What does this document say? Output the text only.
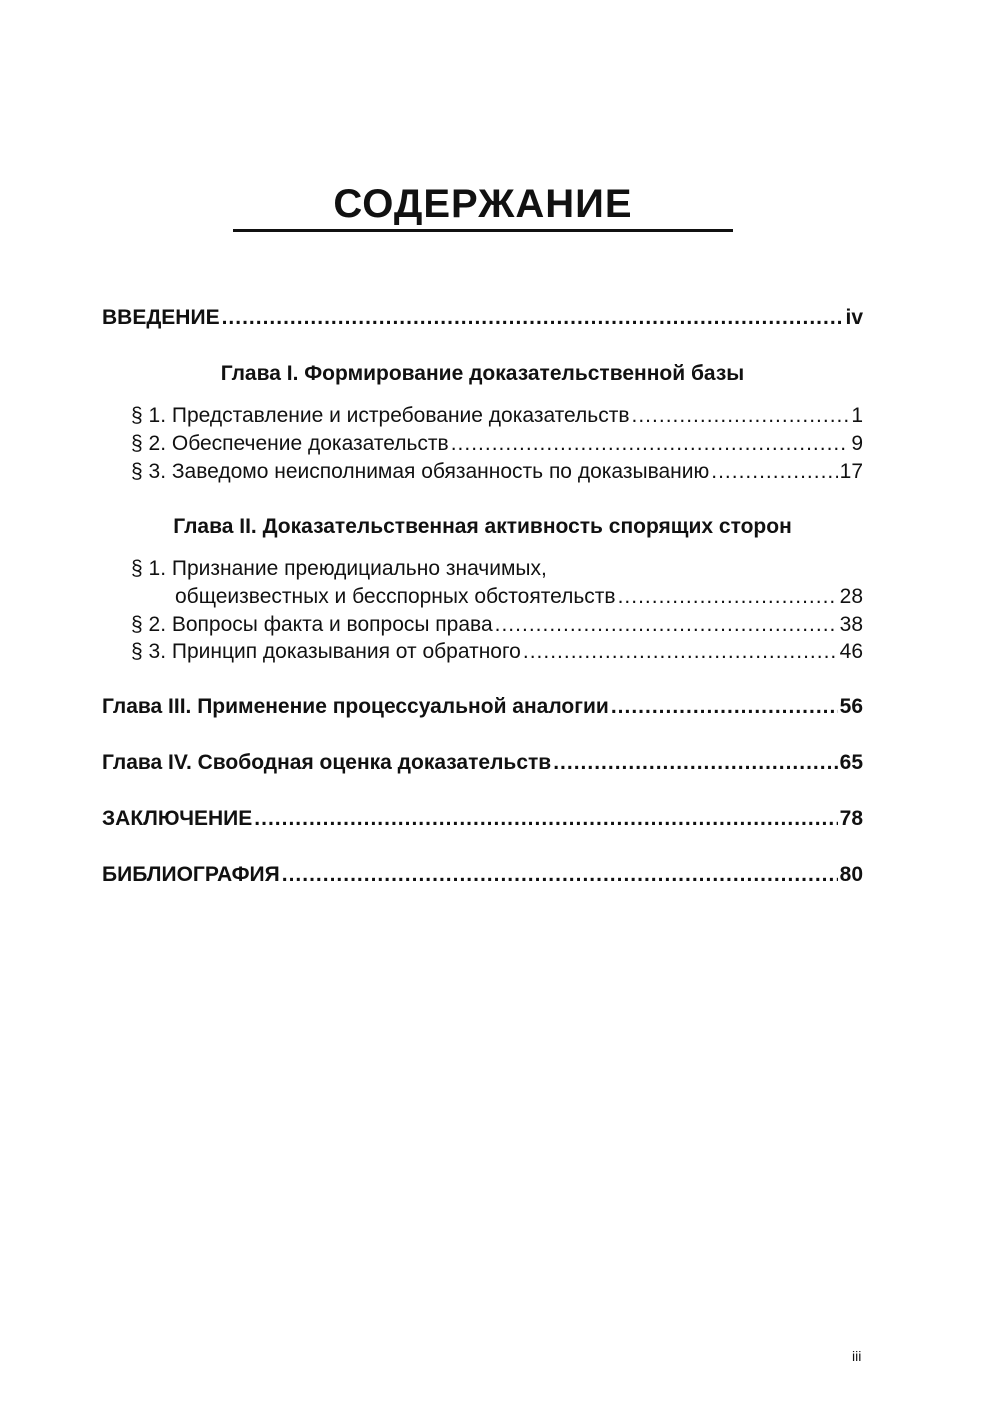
СОДЕРЖАНИЕ
ВВЕДЕНИЕ .....	iv
Глава I. Формирование доказательственной базы
§ 1. Представление и истребование доказательств .....	1
§ 2. Обеспечение доказательств .....	9
§ 3. Заведомо неисполнимая обязанность по доказыванию .....	17
Глава II. Доказательственная активность спорящих сторон
§ 1. Признание преюдициально значимых,
общеизвестных и бесспорных обстоятельств .....	28
§ 2. Вопросы факта и вопросы права .....	38
§ 3. Принцип доказывания от обратного .....	46
Глава III. Применение процессуальной аналогии .....	56
Глава IV. Свободная оценка доказательств .....	65
ЗАКЛЮЧЕНИЕ .....	78
БИБЛИОГРАФИЯ .....	80
iii
